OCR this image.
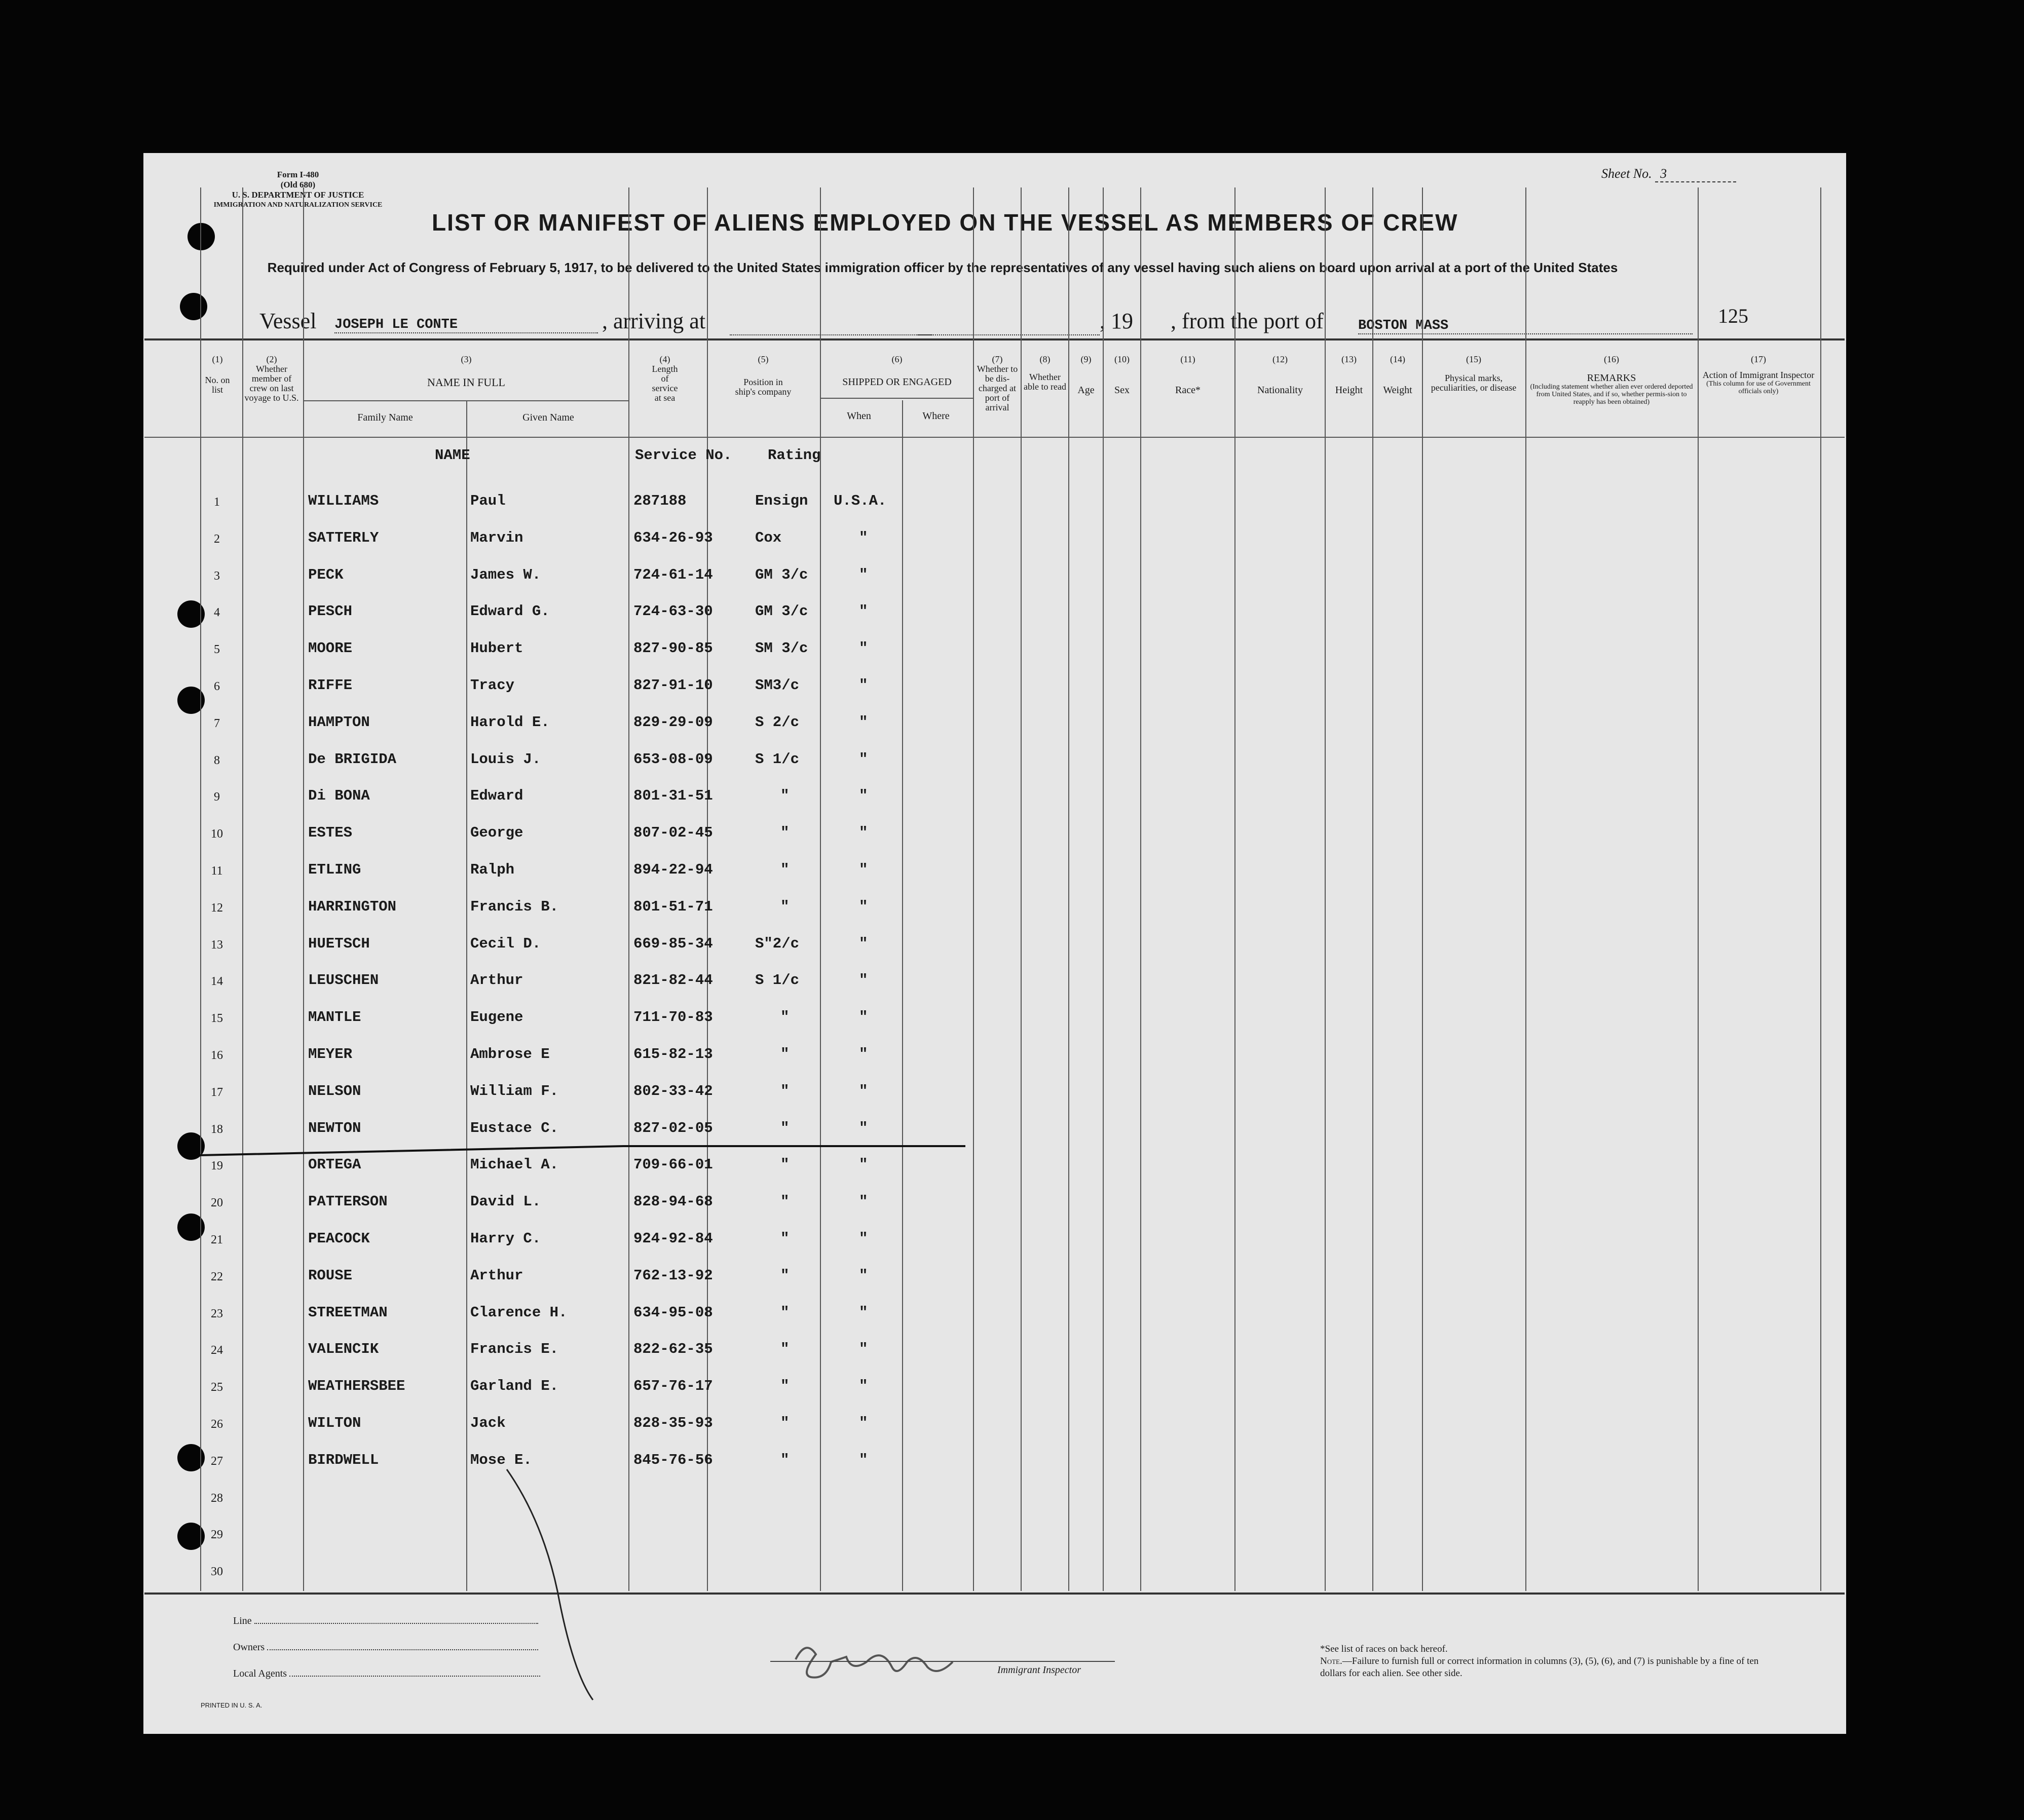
Form I-480
(Old 680)
U. S. DEPARTMENT OF JUSTICE
IMMIGRATION AND NATURALIZATION SERVICE
Sheet No. 3
LIST OR MANIFEST OF ALIENS EMPLOYED ON THE VESSEL AS MEMBERS OF CREW
Required under Act of Congress of February 5, 1917, to be delivered to the United States immigration officer by the representatives of any vessel having such aliens on board upon arrival at a port of the United States
Vessel JOSEPH LE CONTE	, arriving at	, 19 , from the port of	BOSTON MASS	125
(1)
No. on list
(2)
Whether member of crew on last voyage to U.S.
(3)
NAME IN FULL
Family Name	Given Name
(4)
Length of service at sea
(5)
Position in ship's company
(6)
SHIPPED OR ENGAGED
When	Where
(7)
Whether to be dis-charged at port of arrival
(8)
Whether able to read
(9)
Age
(10)
Sex
(11)
Race*
(12)
Nationality
(13)
Height
(14)
Weight
(15)
Physical marks, peculiarities, or disease
(16)
REMARKS
(Including statement whether alien ever ordered deported from United States, and if so, whether permis-sion to reapply has been obtained)
(17)
Action of Immigrant Inspector
(This column for use of Government officials only)
NAME	Service No. Rating
1	WILLIAMS	Paul	287188	Ensign U.S.A.
2	SATTERLY	Marvin	634-26-93	Cox	"
3	PECK	James W.	724-61-14	GM 3/c	"
4	PESCH	Edward G.	724-63-30	GM 3/c	"
5	MOORE	Hubert	827-90-85	SM 3/c	"
6	RIFFE	Tracy	827-91-10	SM3/c	"
7	HAMPTON	Harold E.	829-29-09	S 2/c	"
8	De BRIGIDA	Louis J.	653-08-09	S 1/c	"
9	Di BONA	Edward	801-31-51	"	"
10	ESTES	George	807-02-45	"	"
11	ETLING	Ralph	894-22-94	"	"
12	HARRINGTON	Francis B.	801-51-71	"	"
13	HUETSCH	Cecil D.	669-85-34	S"2/c	"
14	LEUSCHEN	Arthur	821-82-44	S 1/c	"
15	MANTLE	Eugene	711-70-83	"	"
16	MEYER	Ambrose E	615-82-13	"	"
17	NELSON	William F.	802-33-42	"	"
18	NEWTON	Eustace C.	827-02-05	"	"
19	ORTEGA	Michael A.	709-66-01	"	"
20	PATTERSON	David L.	828-94-68	"	"
21	PEACOCK	Harry C.	924-92-84	"	"
22	ROUSE	Arthur	762-13-92	"	"
23	STREETMAN	Clarence H.	634-95-08	"	"
24	VALENCIK	Francis E.	822-62-35	"	"
25	WEATHERSBEE	Garland E.	657-76-17	"	"
26	WILTON	Jack	828-35-93	"	"
27	BIRDWELL	Mose E.	845-76-56	"	"
28
29
30
Line
Owners
Local Agents	Immigrant Inspector
*See list of races on back hereof.
Note.—Failure to furnish full or correct information in columns (3), (5), (6), and (7) is punishable by a fine of ten dollars for each alien. See other side.
PRINTED IN U. S. A.
